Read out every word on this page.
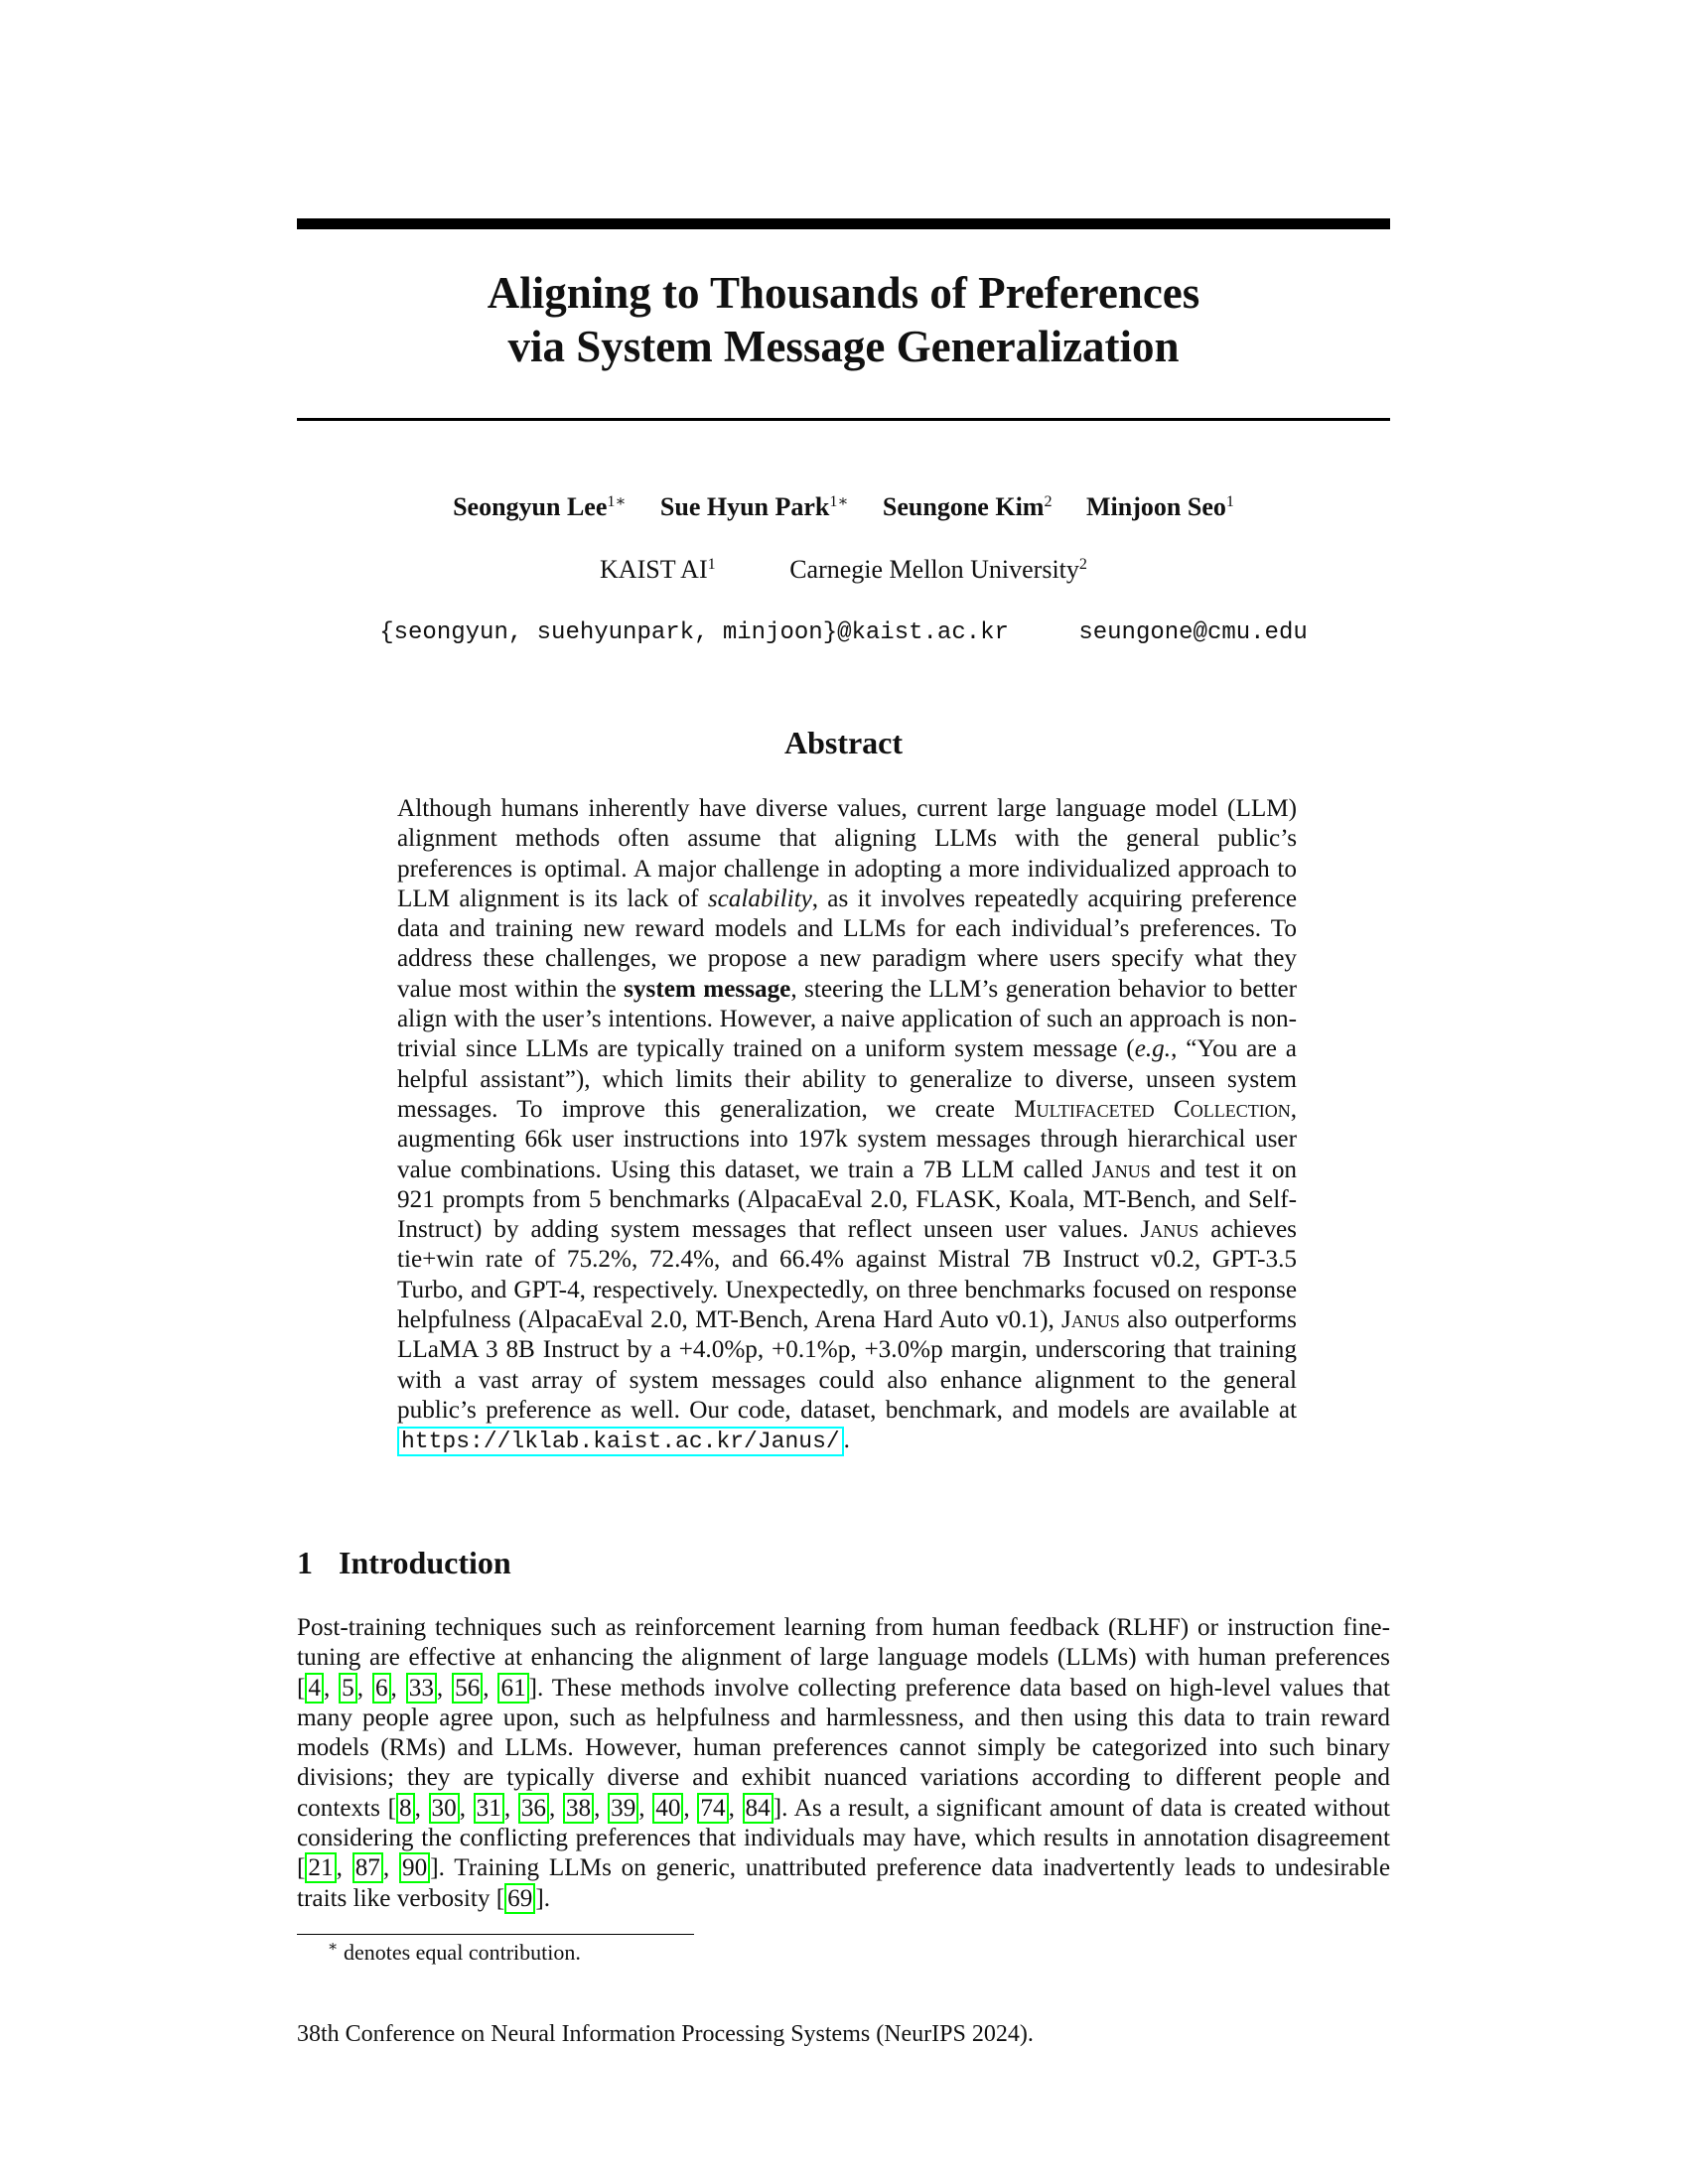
Aligning to Thousands of Preferences
via System Message Generalization
Seongyun Lee$^{1∗}$ Sue Hyun Park$^{1∗}$ Seungone Kim$^2$ Minjoon Seo$^1$
KAIST $AI^1$	Carnegie Mellon University$^2$
{seongyun, suehyunpark, minjoon}@kaist.ac.kr	seungone@cmu.edu
Abstract

Although humans inherently have diverse values, current large language model (LLM) alignment methods often assume that aligning LLMs with the general public’s preferences is optimal. A major challenge in adopting a more individualized approach to LLM alignment is its lack of scalability, as it involves repeatedly acquiring preference data and training new reward models and LLMs for each individual’s preferences. To address these challenges, we propose a new paradigm where users specify what they value most within the system message, steering the LLM’s generation behavior to better align with the user’s intentions. However, a naive application of such an approach is non-trivial since LLMs are typically trained on a uniform system message (e.g., “You are a helpful assistant”), which limits their ability to generalize to diverse, unseen system messages. To improve this generalization, we create Multifaceted Collection, augmenting 66k user instructions into 197k system messages through hierarchical user value combinations. Using this dataset, we train a 7B LLM called Janus and test it on 921 prompts from 5 benchmarks (AlpacaEval 2.0, FLASK, Koala, MT-Bench, and Self-Instruct) by adding system messages that reflect unseen user values. Janus achieves tie+win rate of 75.2%, 72.4%, and 66.4% against Mistral 7B Instruct v0.2, GPT-3.5 Turbo, and GPT-4, respectively. Unexpectedly, on three benchmarks focused on response helpfulness (AlpacaEval 2.0, MT-Bench, Arena Hard Auto v0.1), Janus also outperforms LLaMA 3 8B Instruct by a +4.0%p, +0.1%p, +3.0%p margin, underscoring that training with a vast array of system messages could also enhance alignment to the general public’s preference as well. Our code, dataset, benchmark, and models are available at https://lklab.kaist.ac.kr/Janus/ .

1 Introduction

Post-training techniques such as reinforcement learning from human feedback (RLHF) or instruction fine-tuning are effective at enhancing the alignment of large language models (LLMs) with human preferences [ 4 , 5 , 6 , 33 , 56 , 61 ]. These methods involve collecting preference data based on high-level values that many people agree upon, such as helpfulness and harmlessness, and then using this data to train reward models (RMs) and LLMs. However, human preferences cannot simply be categorized into such binary divisions; they are typically diverse and exhibit nuanced variations according to different people and contexts [ 8 , 30 , 31 , 36 , 38 , 39 , 40 , 74 , 84 ]. As a result, a significant amount of data is created without considering the conflicting preferences that individuals may have, which results in annotation disagreement [ 21 , 87 , 90 ]. Training LLMs on generic, unattributed preference data inadvertently leads to undesirable traits like verbosity [ 69 ].

∗ denotes equal contribution.

38th Conference on Neural Information Processing Systems (NeurIPS 2024).
